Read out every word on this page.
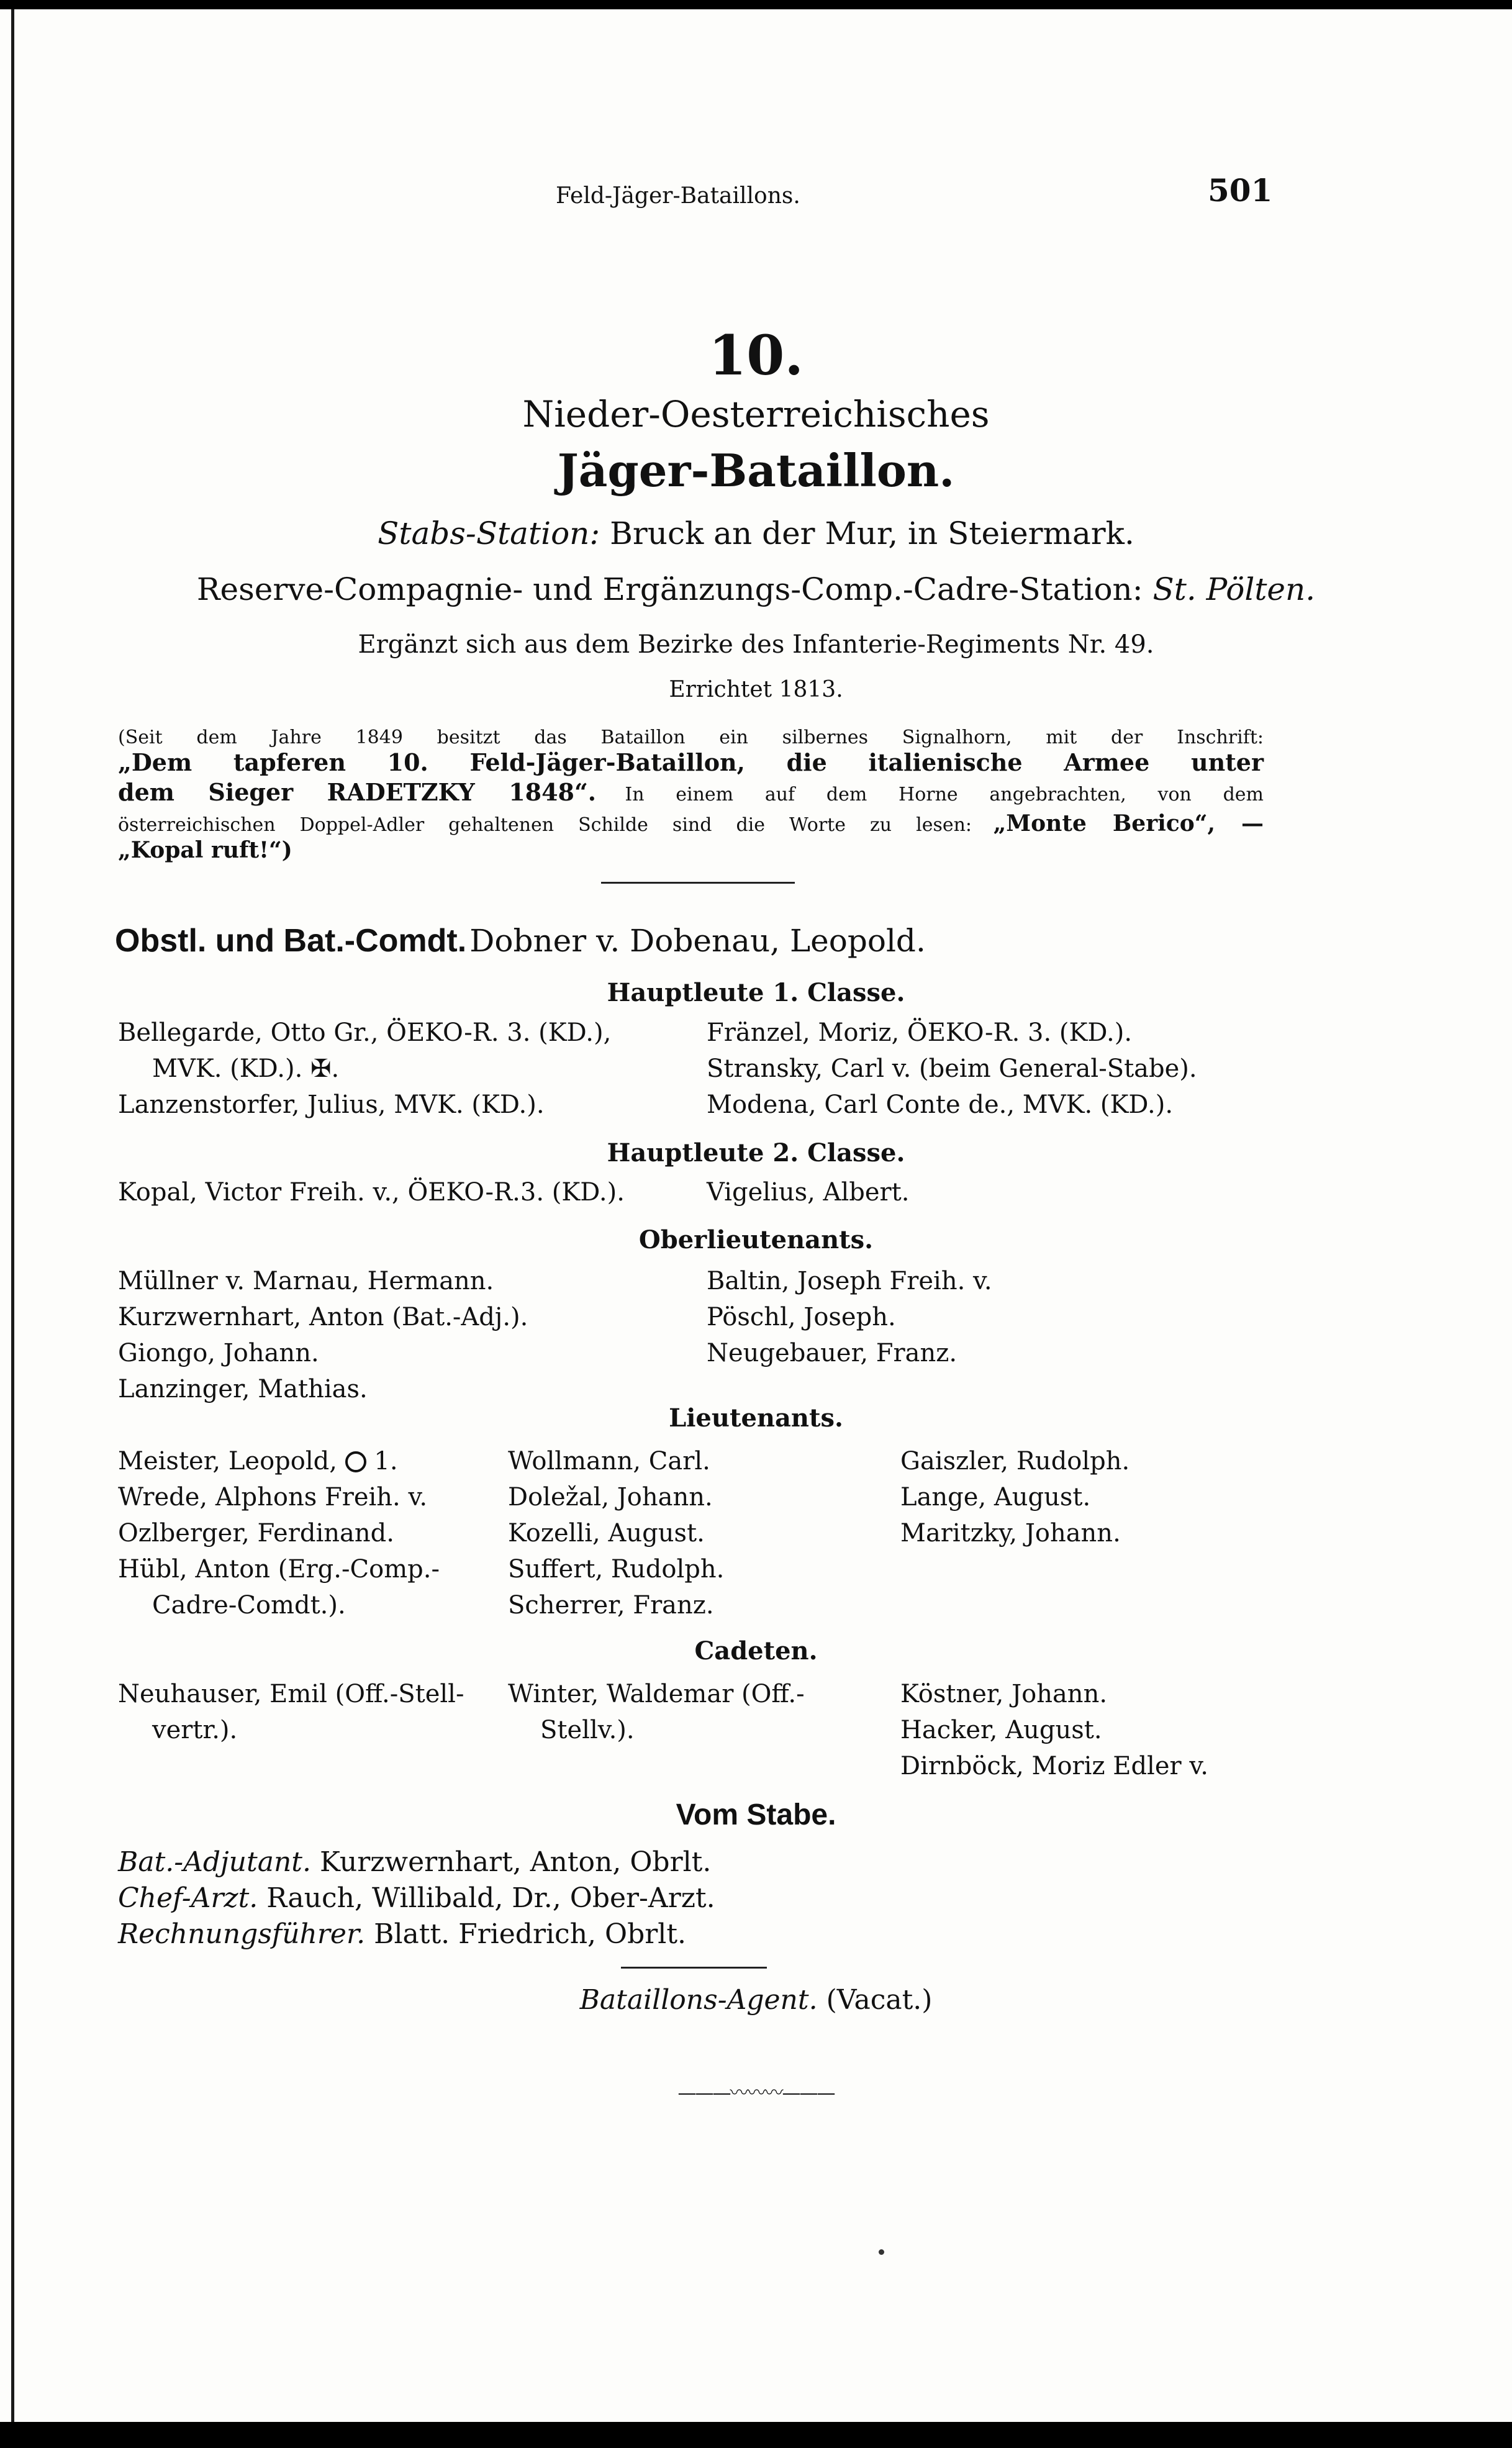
Feld-Jäger-Bataillons.	501
10.
Nieder-Oesterreichisches
Jäger-Bataillon.
Stabs-Station: Bruck an der Mur, in Steiermark.
Reserve-Compagnie- und Ergänzungs-Comp.-Cadre-Station: St. Pölten.
Ergänzt sich aus dem Bezirke des Infanterie-Regiments Nr. 49.
Errichtet 1813.
(Seit dem Jahre 1849 besitzt das Bataillon ein silbernes Signalhorn, mit der Inschrift:
„Dem tapferen 10. Feld-Jäger-Bataillon, die italienische Armee unter
dem Sieger RADETZKY 1848“. In einem auf dem Horne angebrachten, von dem
österreichischen Doppel-Adler gehaltenen Schilde sind die Worte zu lesen: „Monte Berico“, —
„Kopal ruft!“)
Obstl. und Bat.-Comdt. Dobner v. Dobenau, Leopold.
Hauptleute 1. Classe.
Bellegarde, Otto Gr., ÖEKO-R. 3. (KD.),
MVK. (KD.). ✠.
Lanzenstorfer, Julius, MVK. (KD.).
Fränzel, Moriz, ÖEKO-R. 3. (KD.).
Stransky, Carl v. (beim General-Stabe).
Modena, Carl Conte de., MVK. (KD.).
Hauptleute 2. Classe.
Kopal, Victor Freih. v., ÖEKO-R.3. (KD.).	Vigelius, Albert.
Oberlieutenants.
Müllner v. Marnau, Hermann.
Kurzwernhart, Anton (Bat.-Adj.).
Giongo, Johann.
Lanzinger, Mathias.
Baltin, Joseph Freih. v.
Pöschl, Joseph.
Neugebauer, Franz.
Lieutenants.
Meister, Leopold, 1.
Wrede, Alphons Freih. v.
Ozlberger, Ferdinand.
Hübl, Anton (Erg.-Comp.-
Cadre-Comdt.).
Wollmann, Carl.
Doležal, Johann.
Kozelli, August.
Suffert, Rudolph.
Scherrer, Franz.
Gaiszler, Rudolph.
Lange, August.
Maritzky, Johann.
Cadeten.
Neuhauser, Emil (Off.-Stell-
vertr.).
Winter, Waldemar (Off.-
Stellv.).
Köstner, Johann.
Hacker, August.
Dirnböck, Moriz Edler v.
Vom Stabe.
Bat.-Adjutant. Kurzwernhart, Anton, Obrlt.
Chef-Arzt. Rauch, Willibald, Dr., Ober-Arzt.
Rechnungsführer. Blatt. Friedrich, Obrlt.
Bataillons-Agent. (Vacat.)
———〰〰〰———
